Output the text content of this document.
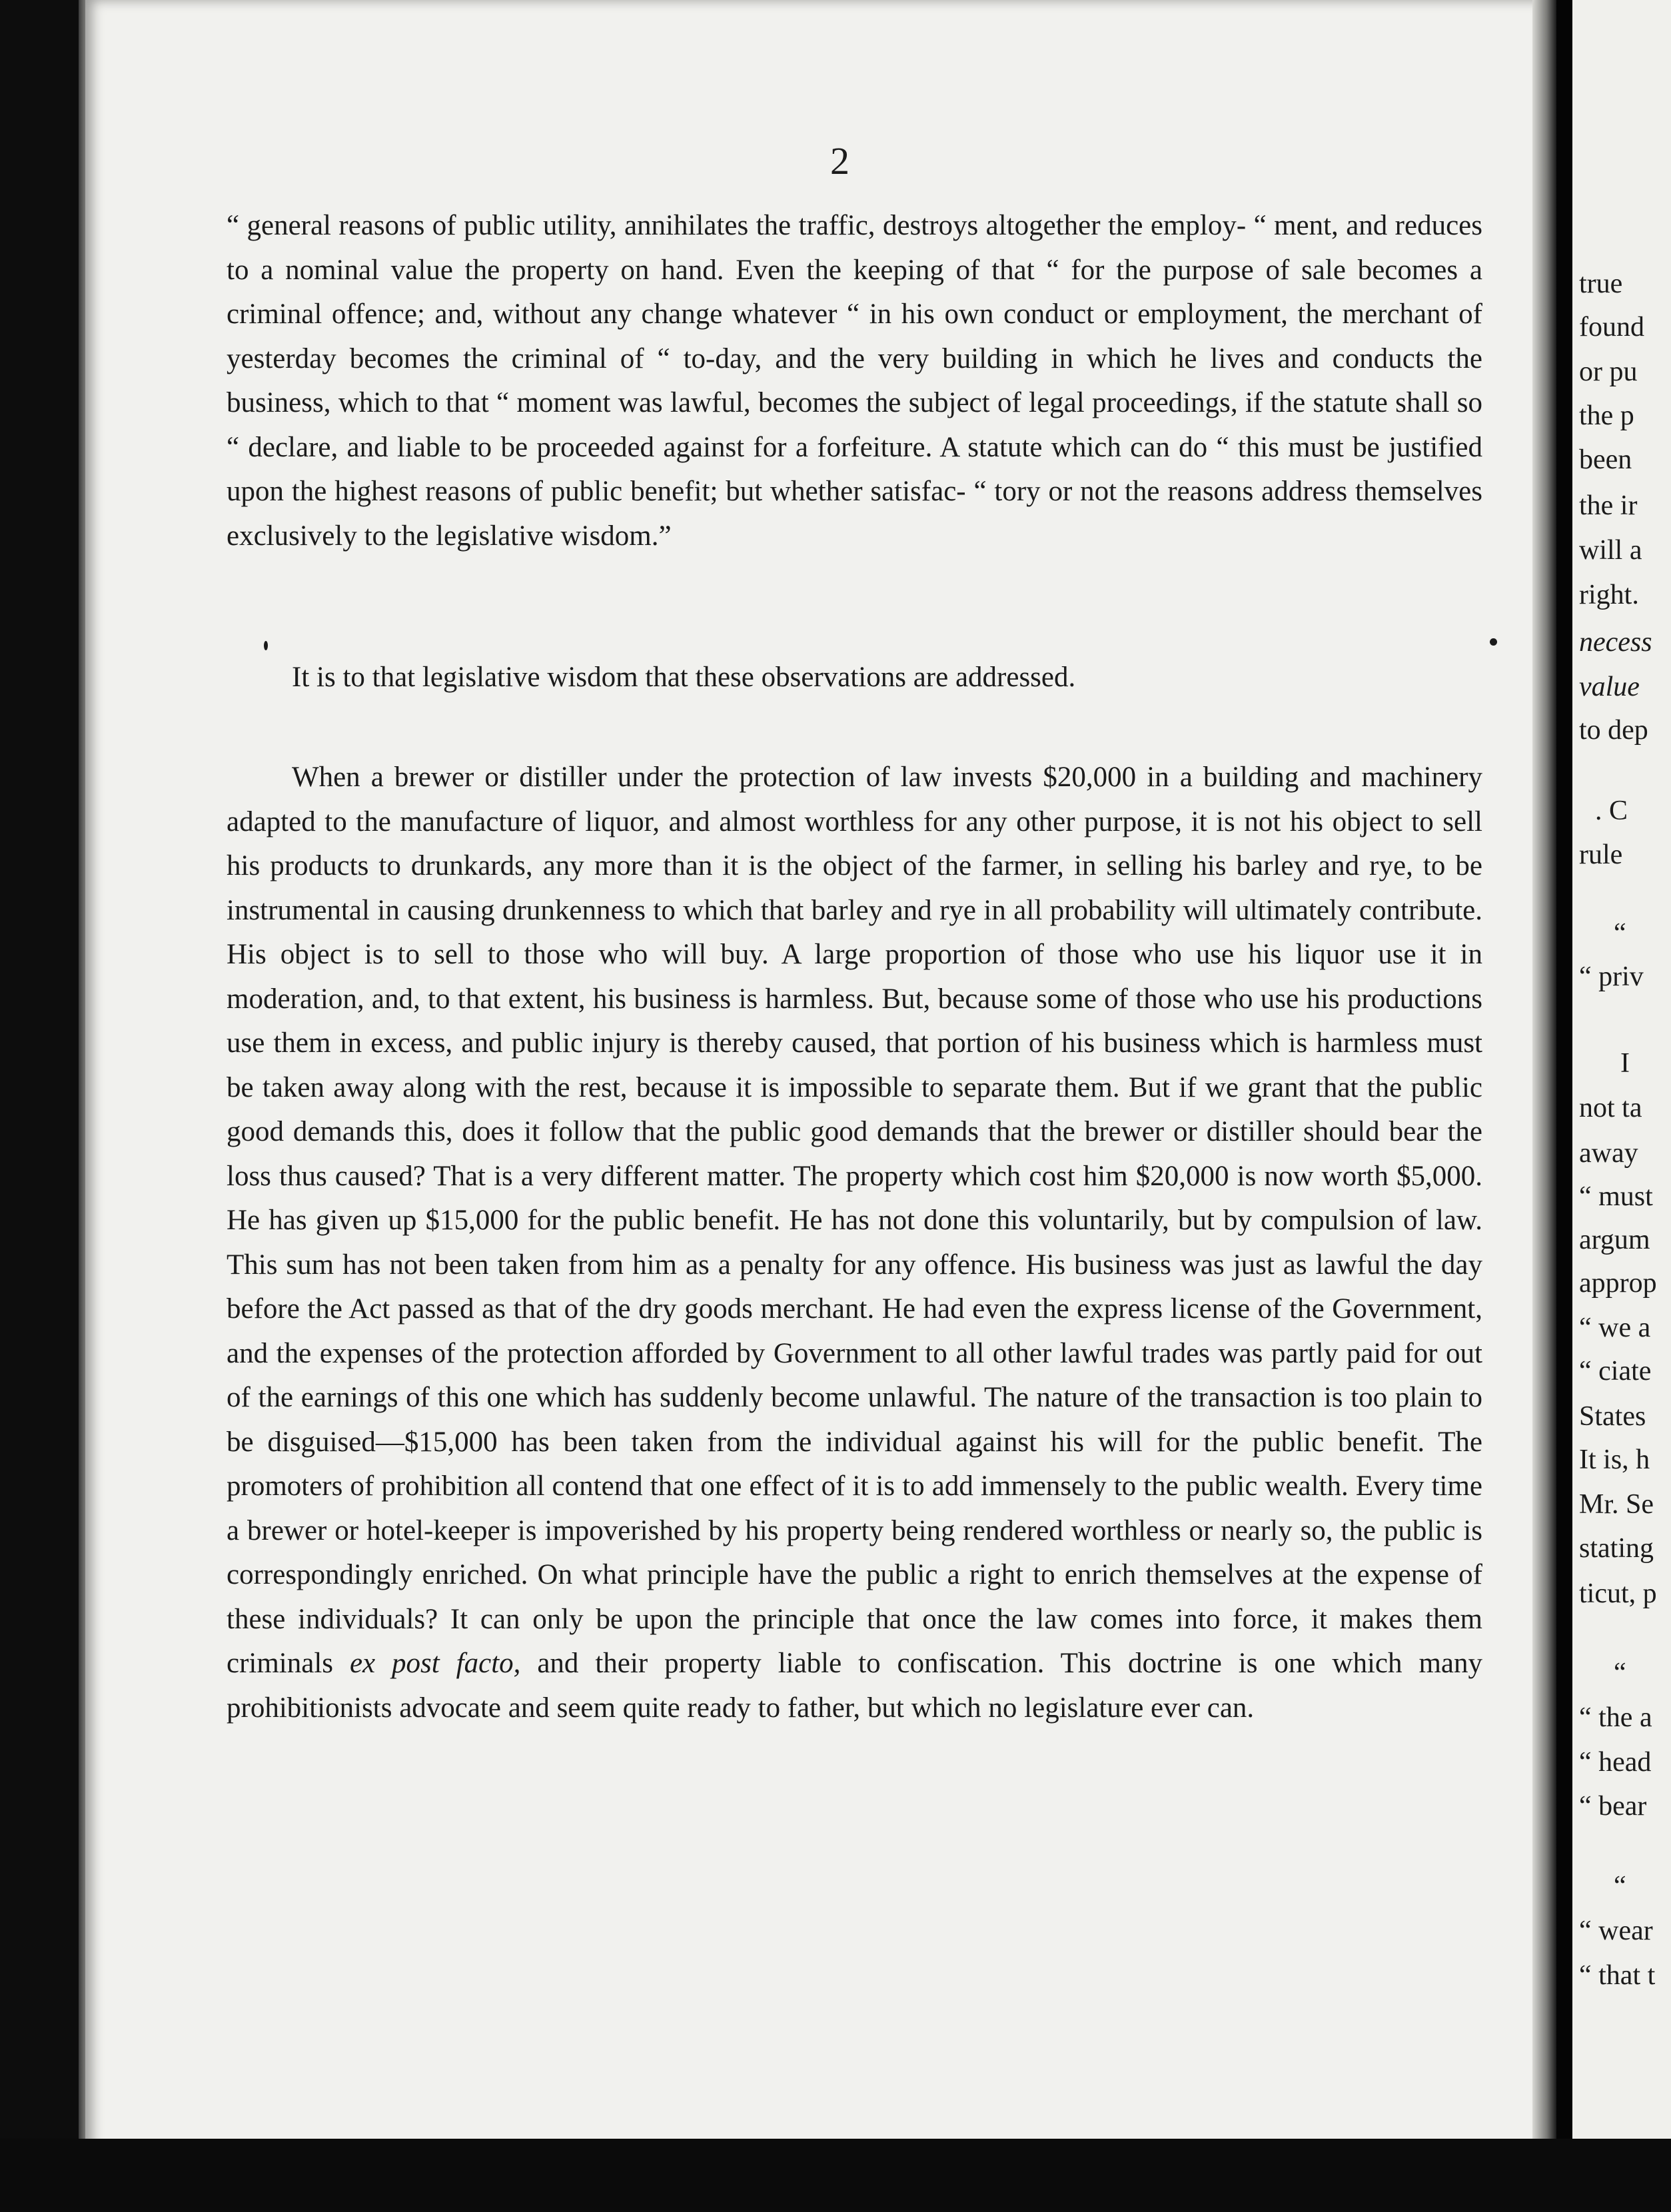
2

“ general reasons of public utility, annihilates the traffic, destroys altogether the employ- “ ment, and reduces to a nominal value the property on hand. Even the keeping of that “ for the purpose of sale becomes a criminal offence; and, without any change whatever “ in his own conduct or employment, the merchant of yesterday becomes the criminal of “ to-day, and the very building in which he lives and conducts the business, which to that “ moment was lawful, becomes the subject of legal proceedings, if the statute shall so “ declare, and liable to be proceeded against for a forfeiture. A statute which can do “ this must be justified upon the highest reasons of public benefit; but whether satisfac- “ tory or not the reasons address themselves exclusively to the legislative wisdom.”

It is to that legislative wisdom that these observations are addressed.

When a brewer or distiller under the protection of law invests $20,000 in a building and machinery adapted to the manufacture of liquor, and almost worthless for any other purpose, it is not his object to sell his products to drunkards, any more than it is the object of the farmer, in selling his barley and rye, to be instrumental in causing drunkenness to which that barley and rye in all probability will ultimately contribute. His object is to sell to those who will buy. A large proportion of those who use his liquor use it in moderation, and, to that extent, his business is harmless. But, because some of those who use his productions use them in excess, and public injury is thereby caused, that portion of his business which is harmless must be taken away along with the rest, because it is impossible to separate them. But if we grant that the public good demands this, does it follow that the public good demands that the brewer or distiller should bear the loss thus caused? That is a very different matter. The property which cost him $20,000 is now worth $5,000. He has given up $15,000 for the public benefit. He has not done this voluntarily, but by compulsion of law. This sum has not been taken from him as a penalty for any offence. His business was just as lawful the day before the Act passed as that of the dry goods merchant. He had even the express license of the Government, and the expenses of the protection afforded by Government to all other lawful trades was partly paid for out of the earnings of this one which has suddenly become unlawful. The nature of the transaction is too plain to be disguised—$15,000 has been taken from the individual against his will for the public benefit. The promoters of prohibition all contend that one effect of it is to add immensely to the public wealth. Every time a brewer or hotel-keeper is impoverished by his property being rendered worthless or nearly so, the public is correspondingly enriched. On what principle have the public a right to enrich themselves at the expense of these individuals? It can only be upon the principle that once the law comes into force, it makes them criminals ex post facto, and their property liable to confiscation. This doctrine is one which many prohibitionists advocate and seem quite ready to father, but which no legislature ever can.

true
found
or pu
the p
been
the ir
will a
right.
necess
value
to dep
. C
rule
“
“ priv
I
not ta
away
“ must
argum
approp
“ we a
“ ciate
States
It is, h
Mr. Se
stating
ticut, p
“
“ the a
“ head
“ bear
“
“ wear
“ that t
